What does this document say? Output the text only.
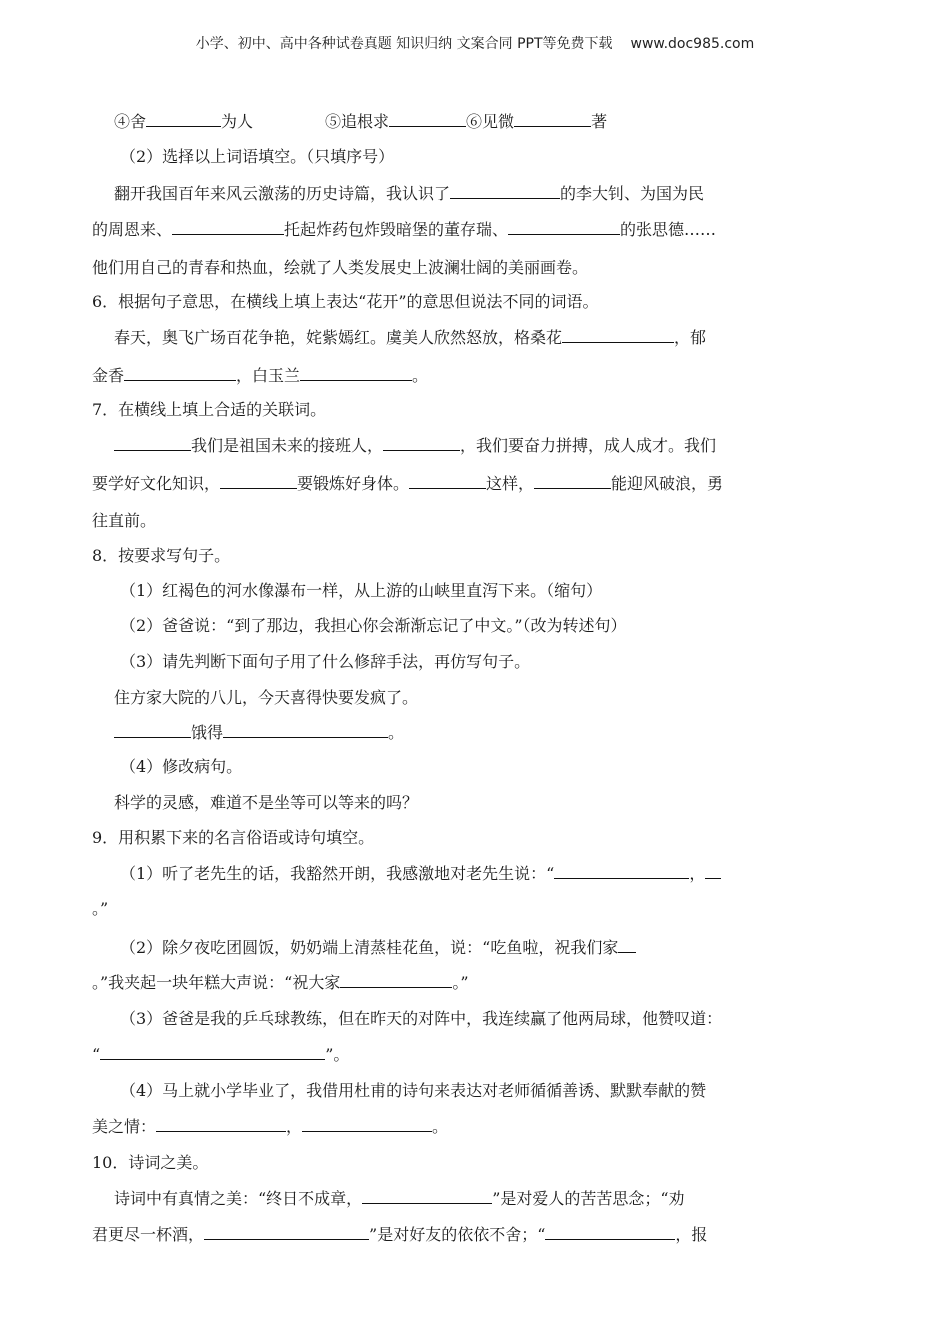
小学、初中、高中各种试卷真题 知识归纳 文案合同 PPT等免费下载 www.doc985.com
④舍	为人	⑤追根求	⑥见微	著
（2）选择以上词语填空。（只填序号）
翻开我国百年来风云激荡的历史诗篇，我认识了	的李大钊、为国为民
的周恩来、	托起炸药包炸毁暗堡的董存瑞、	的张思德……
他们用自己的青春和热血，绘就了人类发展史上波澜壮阔的美丽画卷。
6．根据句子意思，在横线上填上表达“花开”的意思但说法不同的词语。
春天，奥飞广场百花争艳，姹紫嫣红。虞美人欣然怒放，格桑花	，郁
金香	，白玉兰	。
7．在横线上填上合适的关联词。
我们是祖国未来的接班人，	，我们要奋力拼搏，成人成才。我们
要学好文化知识，	要锻炼好身体。	这样，	能迎风破浪，勇
往直前。
8．按要求写句子。
（1）红褐色的河水像瀑布一样，从上游的山峡里直泻下来。（缩句）
（2）爸爸说：“到了那边，我担心你会渐渐忘记了中文。”（改为转述句）
（3）请先判断下面句子用了什么修辞手法，再仿写句子。
住方家大院的八儿，今天喜得快要发疯了。
饿得	。
（4）修改病句。
科学的灵感，难道不是坐等可以等来的吗？
9．用积累下来的名言俗语或诗句填空。
（1）听了老先生的话，我豁然开朗，我感激地对老先生说：“	，
。”
（2）除夕夜吃团圆饭，奶奶端上清蒸桂花鱼，说：“吃鱼啦，祝我们家
。”我夹起一块年糕大声说：“祝大家	。”
（3）爸爸是我的乒乓球教练，但在昨天的对阵中，我连续赢了他两局球，他赞叹道：
“	”。
（4）马上就小学毕业了，我借用杜甫的诗句来表达对老师循循善诱、默默奉献的赞
美之情：	，	。
10．诗词之美。
诗词中有真情之美：“终日不成章，	”是对爱人的苦苦思念；“劝
君更尽一杯酒，	”是对好友的依依不舍；“	，报
